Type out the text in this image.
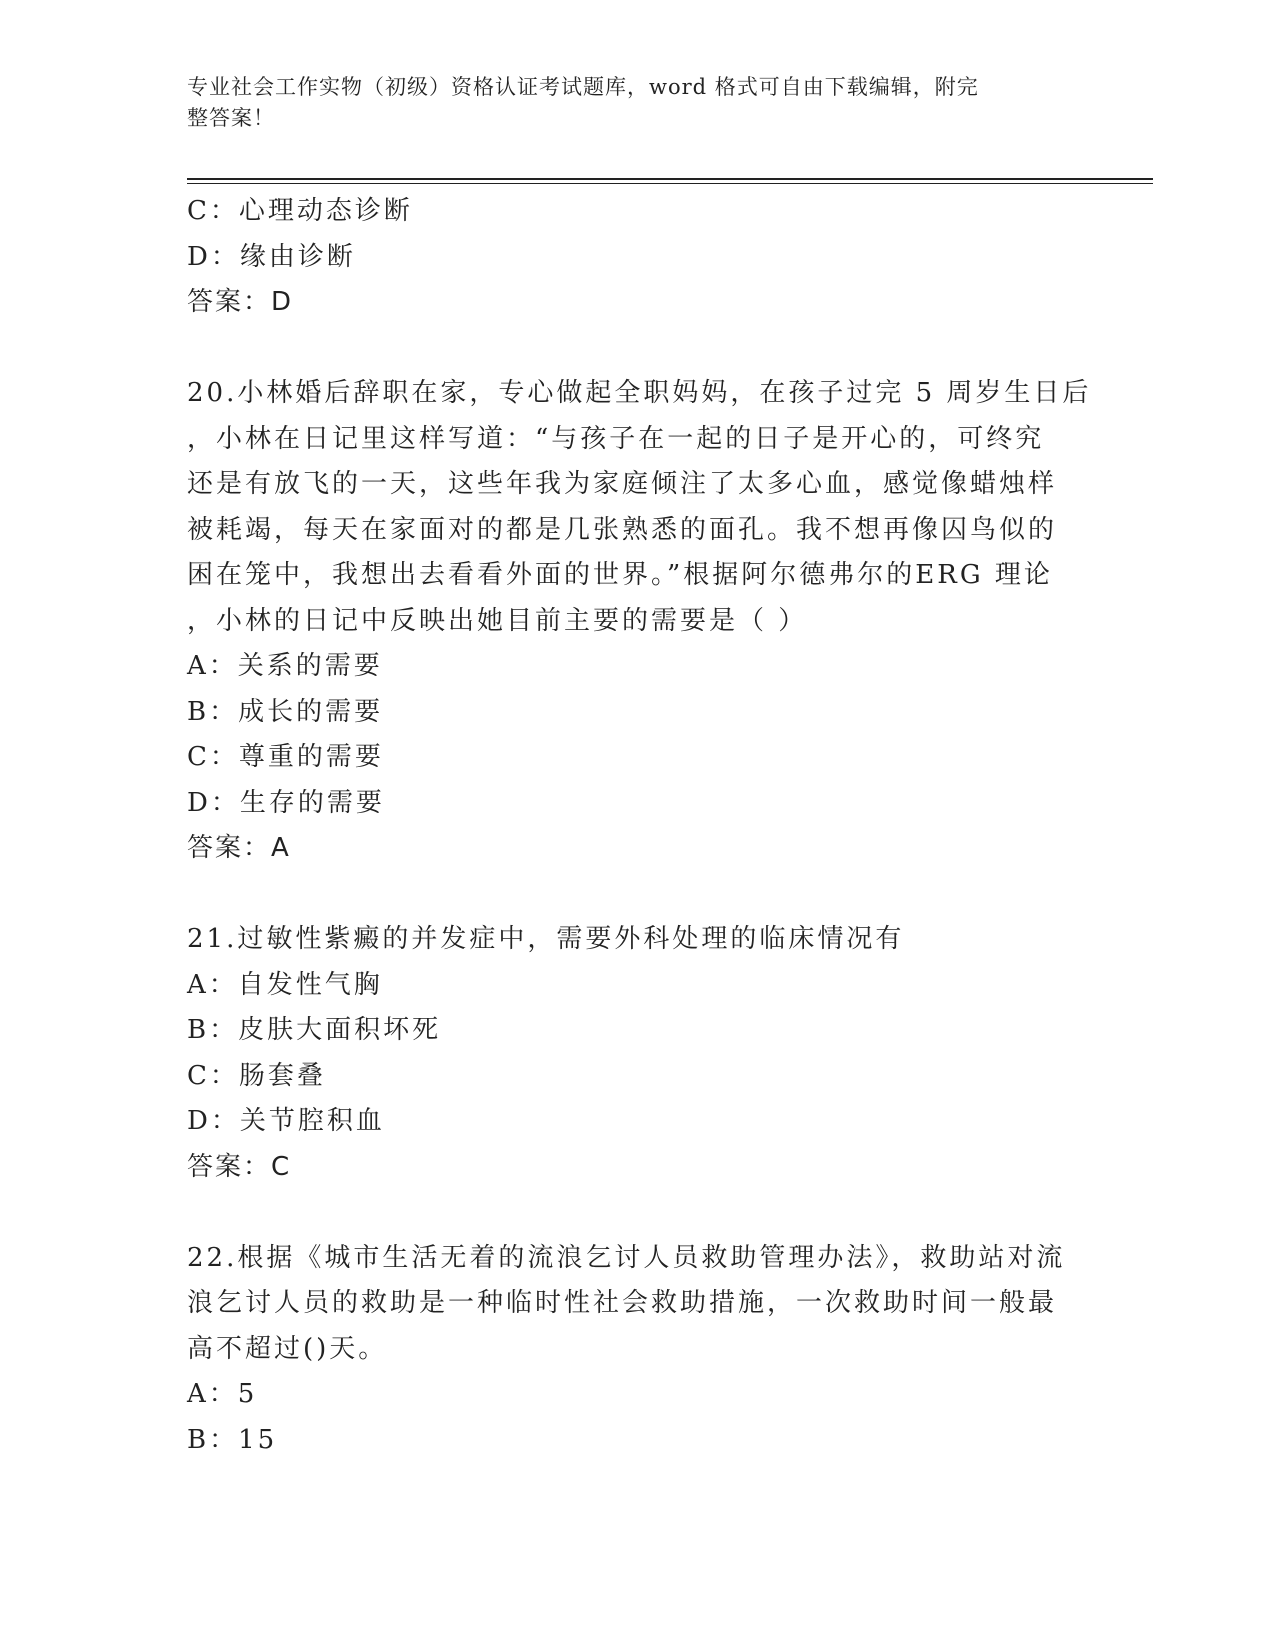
专业社会工作实物（初级）资格认证考试题库，word 格式可自由下载编辑，附完
整答案！
C：心理动态诊断
D：缘由诊断
答案：D
20.小林婚后辞职在家，专心做起全职妈妈，在孩子过完 5 周岁生日后
，小林在日记里这样写道：“与孩子在一起的日子是开心的，可终究
还是有放飞的一天，这些年我为家庭倾注了太多心血，感觉像蜡烛样
被耗竭，每天在家面对的都是几张熟悉的面孔。我不想再像囚鸟似的
困在笼中，我想出去看看外面的世界。”根据阿尔德弗尔的ERG 理论
，小林的日记中反映出她目前主要的需要是（ ）
A：关系的需要
B：成长的需要
C：尊重的需要
D：生存的需要
答案：A
21.过敏性紫癜的并发症中，需要外科处理的临床情况有
A：自发性气胸
B：皮肤大面积坏死
C：肠套叠
D：关节腔积血
答案：C
22.根据《城市生活无着的流浪乞讨人员救助管理办法》，救助站对流
浪乞讨人员的救助是一种临时性社会救助措施，一次救助时间一般最
高不超过()天。
A：5
B：15
